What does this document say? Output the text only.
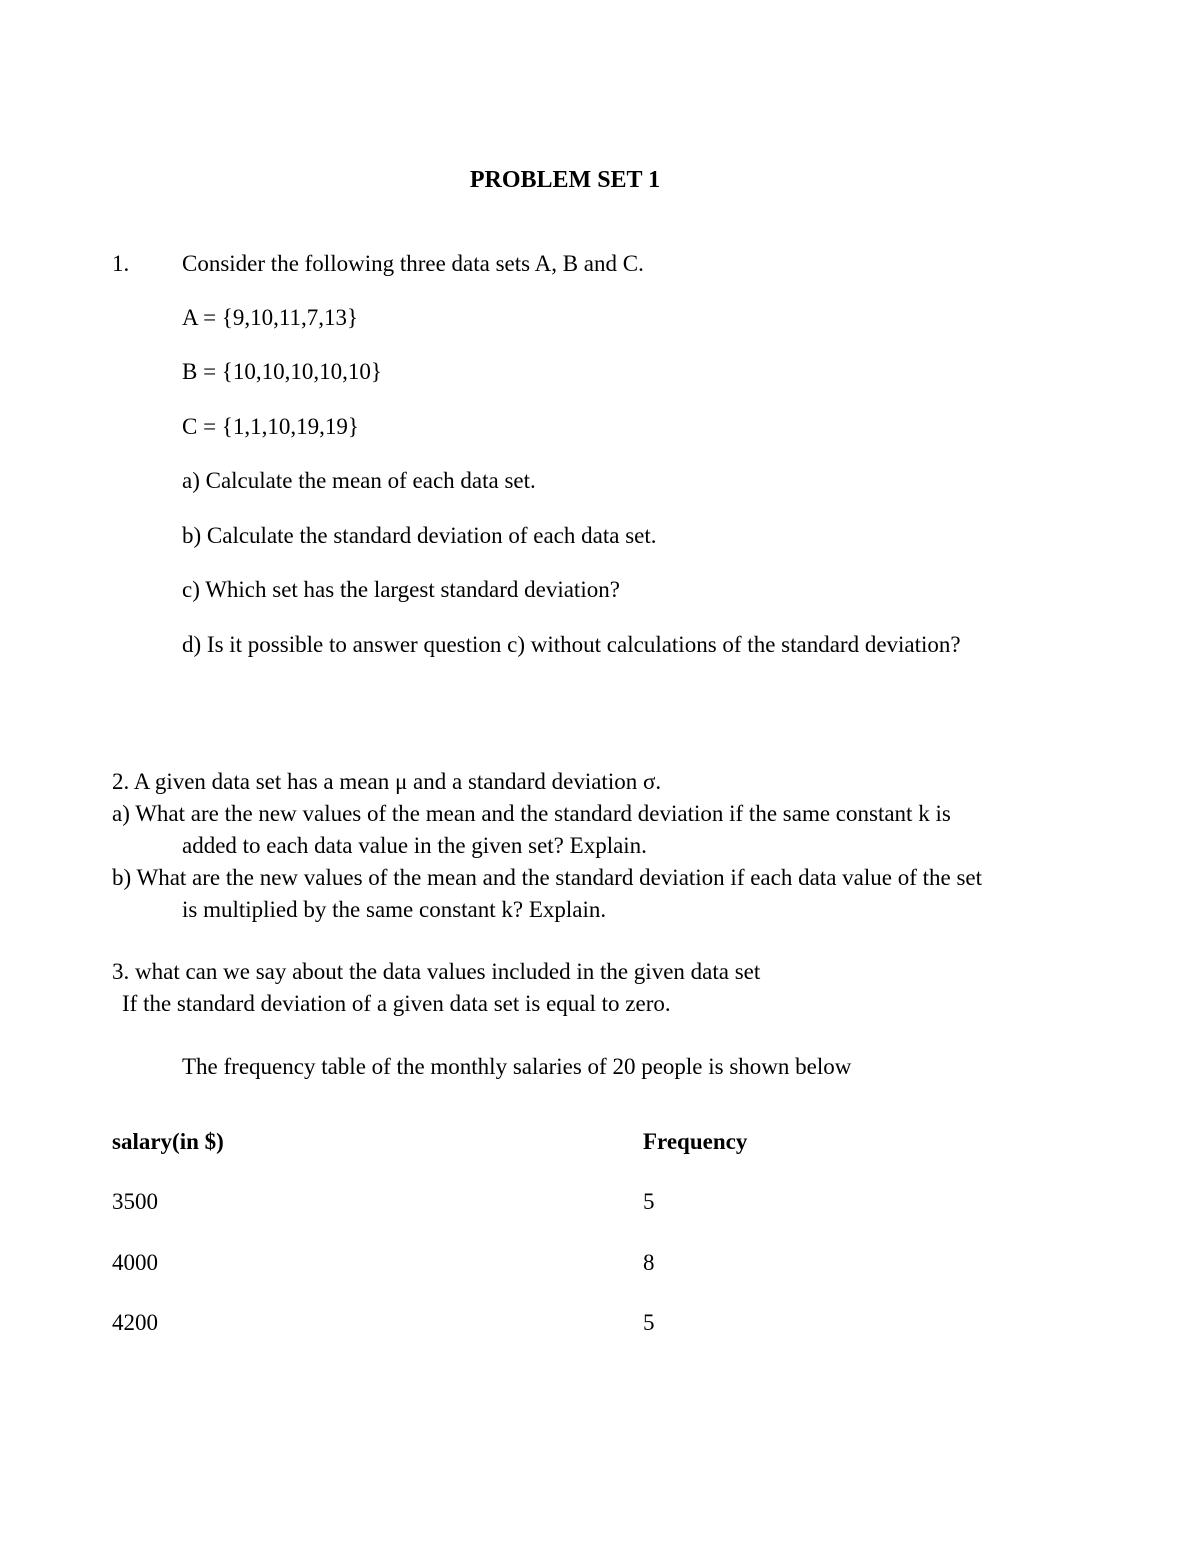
PROBLEM SET 1
1. Consider the following three data sets A, B and C.
A = {9,10,11,7,13}
B = {10,10,10,10,10}
C = {1,1,10,19,19}
a) Calculate the mean of each data set.
b) Calculate the standard deviation of each data set.
c) Which set has the largest standard deviation?
d) Is it possible to answer question c) without calculations of the standard deviation?
2. A given data set has a mean μ and a standard deviation σ.
a) What are the new values of the mean and the standard deviation if the same constant k is
added to each data value in the given set? Explain.
b) What are the new values of the mean and the standard deviation if each data value of the set
is multiplied by the same constant k? Explain.
3. what can we say about the data values included in the given data set
If the standard deviation of a given data set is equal to zero.
The frequency table of the monthly salaries of 20 people is shown below
salary(in $)	Frequency
3500	5
4000	8
4200	5
